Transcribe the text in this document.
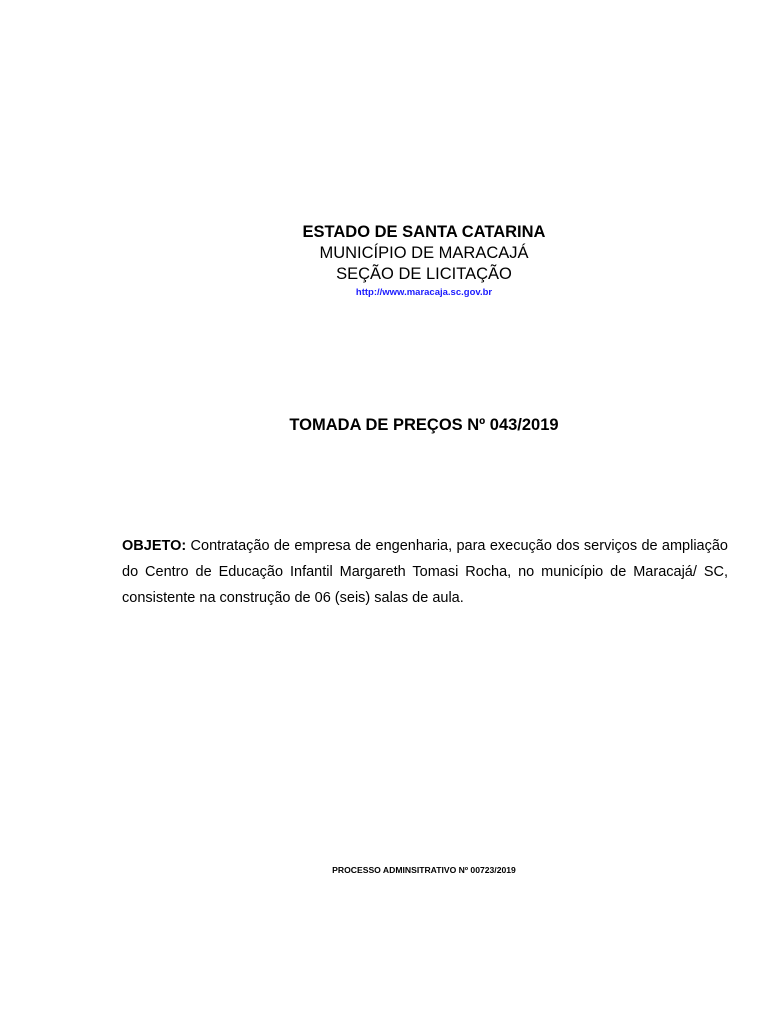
ESTADO DE SANTA CATARINA
MUNICÍPIO DE MARACAJÁ
SEÇÃO DE LICITAÇÃO
http://www.maracaja.sc.gov.br
TOMADA DE PREÇOS Nº 043/2019
OBJETO: Contratação de empresa de engenharia, para execução dos serviços de ampliação do Centro de Educação Infantil Margareth Tomasi Rocha, no município de Maracajá/ SC, consistente na construção de 06 (seis) salas de aula.
PROCESSO ADMINSITRATIVO Nº 00723/2019
